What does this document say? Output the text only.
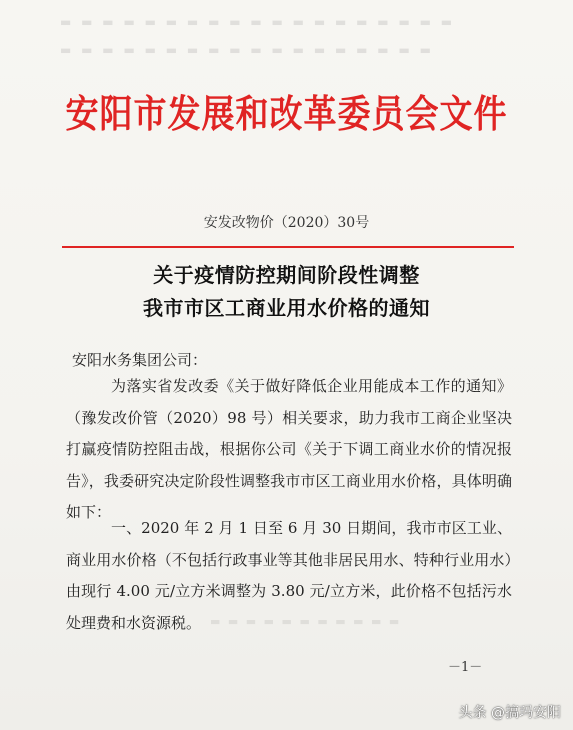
▬ ▬ ▬ ▬ ▬ ▬ ▬ ▬ ▬ ▬ ▬ ▬ ▬ ▬ ▬ ▬ ▬ ▬ ▬
▬ ▬ ▬ ▬ ▬ ▬ ▬ ▬ ▬ ▬ ▬ ▬ ▬ ▬ ▬ ▬ ▬ ▬
安阳市发展和改革委员会文件
安发改物价（2020）30号
关于疫情防控期间阶段性调整
我市市区工商业用水价格的通知
安阳水务集团公司：
为落实省发改委《关于做好降低企业用能成本工作的通知》（豫发改价管（2020）98 号）相关要求，助力我市工商企业坚决打赢疫情防控阻击战，根据你公司《关于下调工商业水价的情况报告》，我委研究决定阶段性调整我市市区工商业用水价格，具体明确如下：
一、2020 年 2 月 1 日至 6 月 30 日期间，我市市区工业、商业用水价格（不包括行政事业等其他非居民用水、特种行业用水）由现行 4.00 元/立方米调整为 3.80 元/立方米，此价格不包括污水处理费和水资源税。 ▬ ▬ ▬ ▬ ▬ ▬ ▬ ▬ ▬ ▬ ▬
－1－
头条 @搞玛安阳
